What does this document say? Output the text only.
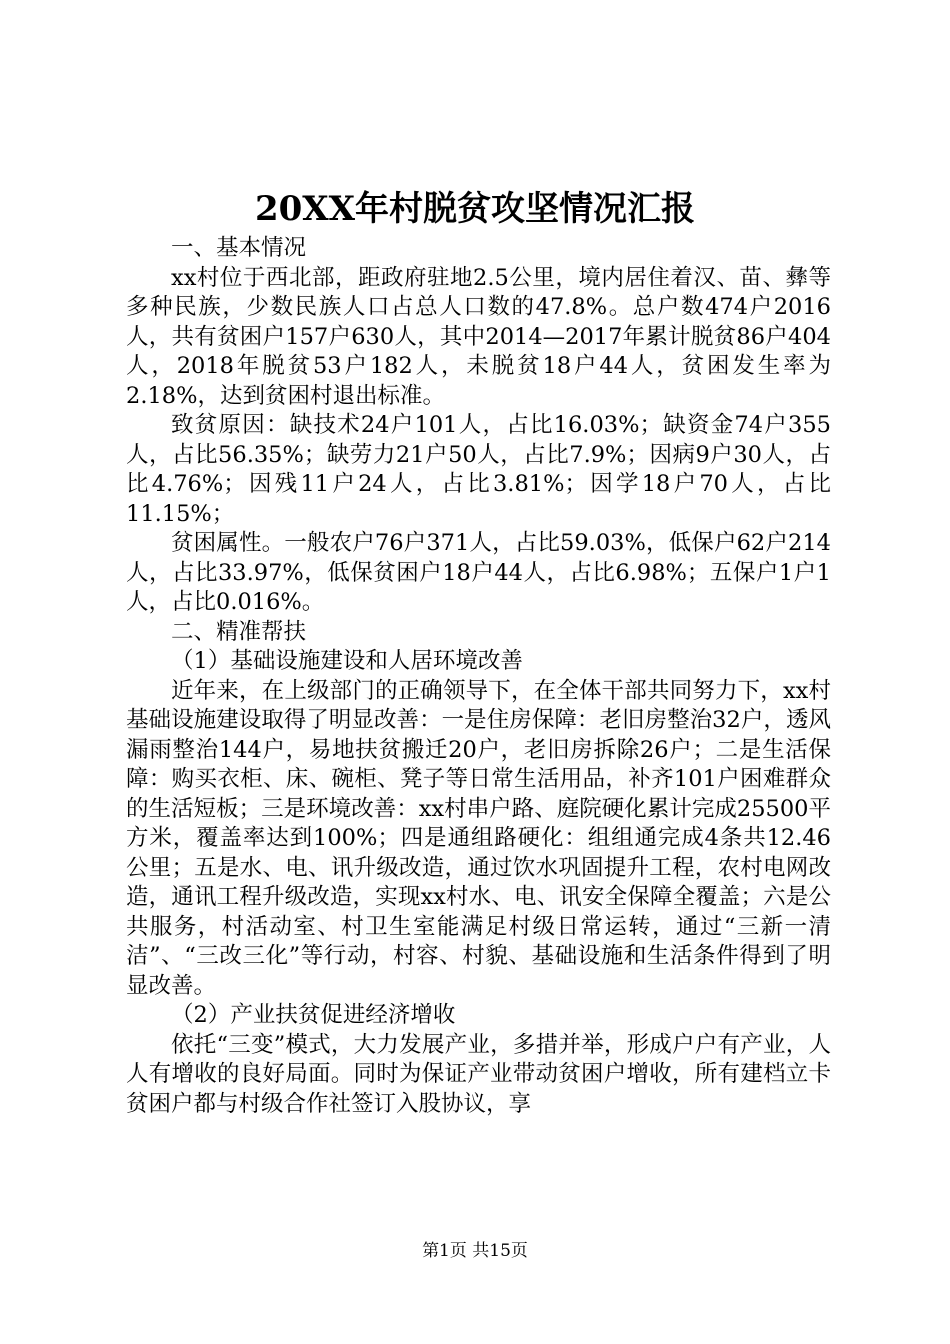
20XX年村脱贫攻坚情况汇报

一、基本情况

xx村位于西北部，距政府驻地2.5公里，境内居住着汉、苗、彝等多种民族，少数民族人口占总人口数的47.8%。总户数474户2016人，共有贫困户157户630人，其中2014—2017年累计脱贫86户404人，2018年脱贫53户182人，未脱贫18户44人，贫困发生率为2.18%，达到贫困村退出标准。

致贫原因：缺技术24户101人，占比16.03%；缺资金74户355人，占比56.35%；缺劳力21户50人，占比7.9%；因病9户30人，占比4.76%；因残11户24人，占比3.81%；因学18户70人，占比11.15%；

贫困属性。一般农户76户371人，占比59.03%，低保户62户214人，占比33.97%，低保贫困户18户44人，占比6.98%；五保户1户1人，占比0.016%。

二、精准帮扶

（1）基础设施建设和人居环境改善

近年来，在上级部门的正确领导下，在全体干部共同努力下，xx村基础设施建设取得了明显改善：一是住房保障：老旧房整治32户，透风漏雨整治144户，易地扶贫搬迁20户，老旧房拆除26户；二是生活保障：购买衣柜、床、碗柜、凳子等日常生活用品，补齐101户困难群众的生活短板；三是环境改善：xx村串户路、庭院硬化累计完成25500平方米，覆盖率达到100%；四是通组路硬化：组组通完成4条共12.46公里；五是水、电、讯升级改造，通过饮水巩固提升工程，农村电网改造，通讯工程升级改造，实现xx村水、电、讯安全保障全覆盖；六是公共服务，村活动室、村卫生室能满足村级日常运转，通过“三新一清洁”、“三改三化”等行动，村容、村貌、基础设施和生活条件得到了明显改善。

（2）产业扶贫促进经济增收

依托“三变”模式，大力发展产业，多措并举，形成户户有产业，人人有增收的良好局面。同时为保证产业带动贫困户增收，所有建档立卡贫困户都与村级合作社签订入股协议，享

第1页 共15页
